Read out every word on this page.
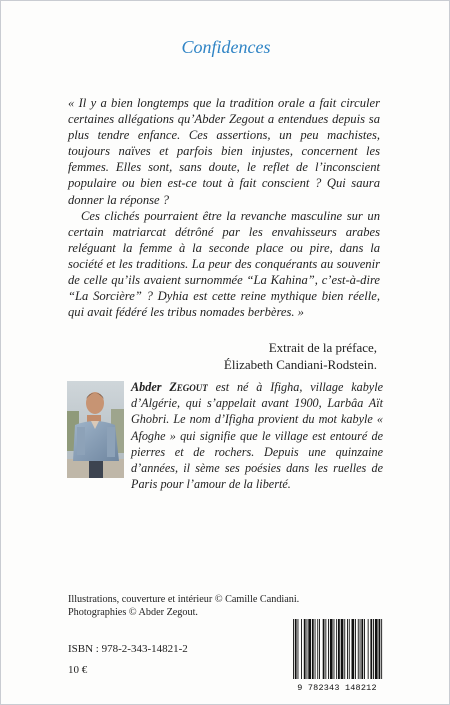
Confidences

« Il y a bien longtemps que la tradition orale a fait circuler certaines allégations qu’Abder Zegout a entendues depuis sa plus tendre enfance. Ces assertions, un peu machistes, toujours naïves et parfois bien injustes, concernent les femmes. Elles sont, sans doute, le reflet de l’inconscient populaire ou bien est-ce tout à fait conscient ? Qui saura donner la réponse ?

Ces clichés pourraient être la revanche masculine sur un certain matriarcat détrôné par les envahisseurs arabes reléguant la femme à la seconde place ou pire, dans la société et les traditions. La peur des conquérants au souvenir de celle qu’ils avaient surnommée “La Kahina”, c’est-à-dire “La Sorcière” ? Dyhia est cette reine mythique bien réelle, qui avait fédéré les tribus nomades berbères. »

Extrait de la préface,
Élizabeth Candiani-Rodstein.
Abder Zegout est né à Ifigha, village kabyle d’Algérie, qui s’appelait avant 1900, Larbâa Aït Ghobri. Le nom d’Ifigha provient du mot kabyle « Afoghe » qui signifie que le village est entouré de pierres et de rochers. Depuis une quinzaine d’années, il sème ses poésies dans les ruelles de Paris pour l’amour de la liberté.
Illustrations, couverture et intérieur © Camille Candiani.
Photographies © Abder Zegout.
ISBN : 978-2-343-14821-2
10 €
9 782343 148212
